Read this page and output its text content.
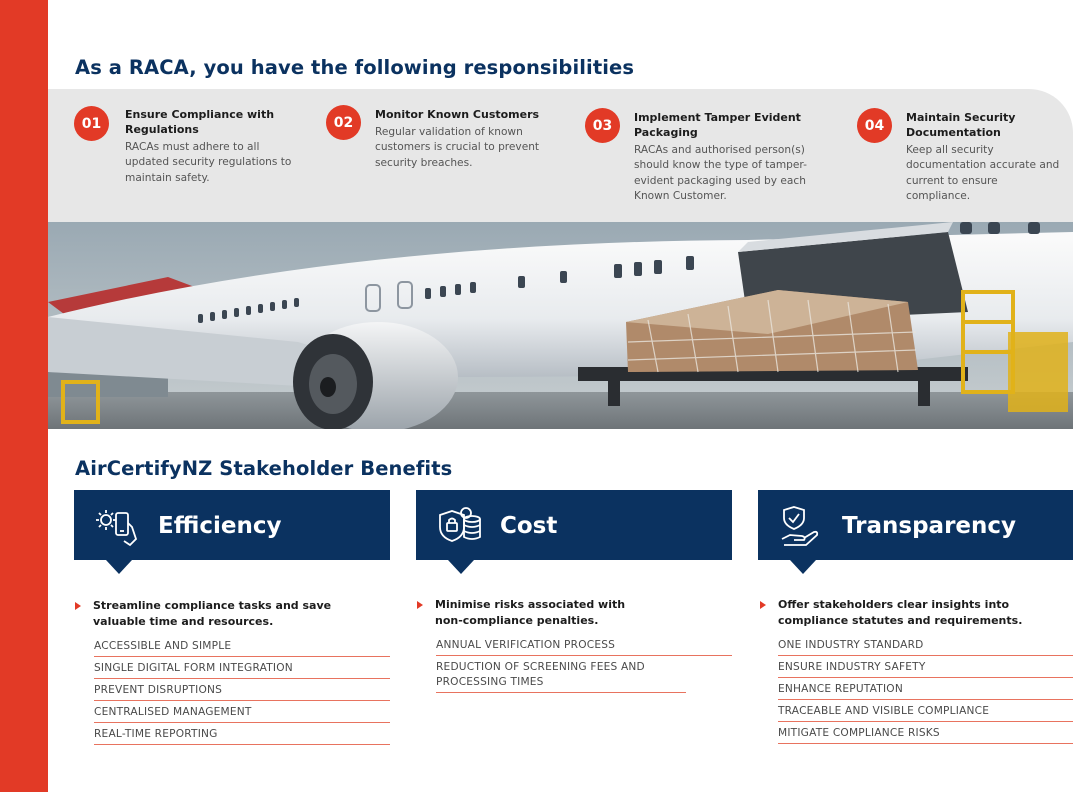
As a RACA, you have the following responsibilities
01
Ensure Compliance with Regulations
RACAs must adhere to all updated security regulations to maintain safety.
02	Monitor Known Customers
Regular validation of known customers is crucial to prevent security breaches.
03	Implement Tamper Evident Packaging
RACAs and authorised person(s) should know the type of tamper-evident packaging used by each Known Customer.
04	Maintain Security Documentation
Keep all security documentation accurate and current to ensure compliance.
AirCertifyNZ Stakeholder Benefits
Efficiency
Streamline compliance tasks and save valuable time and resources.
ACCESSIBLE AND SIMPLE
SINGLE DIGITAL FORM INTEGRATION
PREVENT DISRUPTIONS
CENTRALISED MANAGEMENT
REAL-TIME REPORTING
Cost
Minimise risks associated with non-compliance penalties.
ANNUAL VERIFICATION PROCESS
REDUCTION OF SCREENING FEES AND PROCESSING TIMES
Transparency
Offer stakeholders clear insights into compliance statutes and requirements.
ONE INDUSTRY STANDARD
ENSURE INDUSTRY SAFETY
ENHANCE REPUTATION
TRACEABLE AND VISIBLE COMPLIANCE
MITIGATE COMPLIANCE RISKS
